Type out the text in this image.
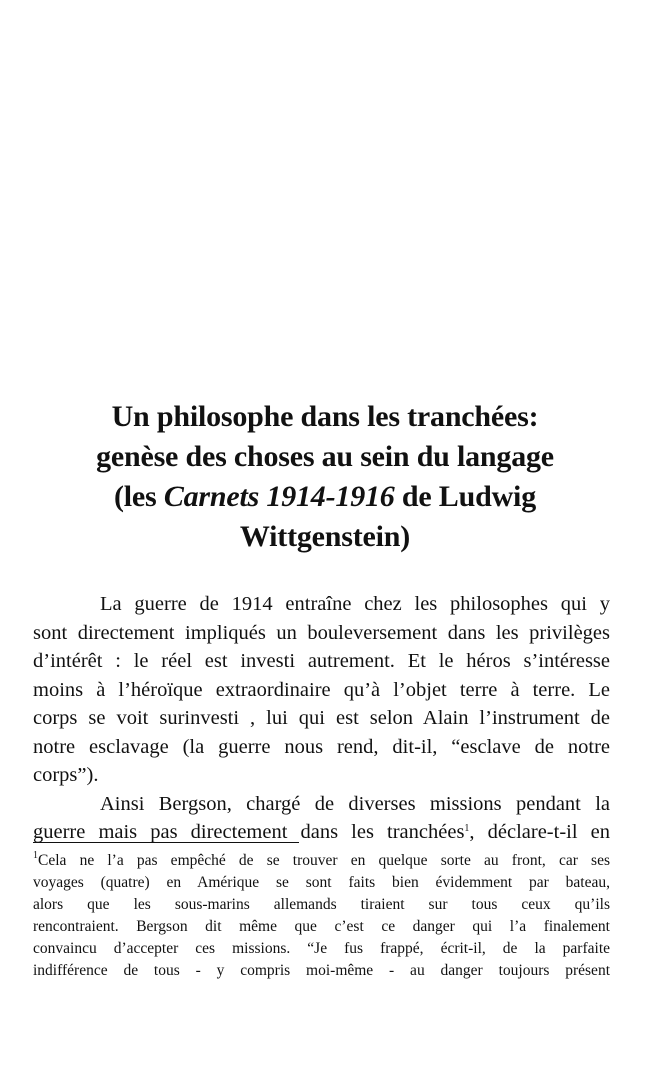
Un philosophe dans les tranchées:
genèse des choses au sein du langage
(les Carnets 1914-1916 de Ludwig
Wittgenstein)
La guerre de 1914 entraîne chez les philosophes qui y
sont directement impliqués un bouleversement dans les privilèges
d’intérêt : le réel est investi autrement. Et le héros s’intéresse
moins à l’héroïque extraordinaire qu’à l’objet terre à terre. Le
corps se voit surinvesti , lui qui est selon Alain l’instrument de
notre esclavage (la guerre nous rend, dit-il, “esclave de notre
corps”).
Ainsi Bergson, chargé de diverses missions pendant la
guerre mais pas directement dans les tranchées$^1$, déclare-t-il en
$^1$Cela ne l’a pas empêché de se trouver en quelque sorte au front, car ses
voyages (quatre) en Amérique se sont faits bien évidemment par bateau,
alors que les sous-marins allemands tiraient sur tous ceux qu’ils
rencontraient. Bergson dit même que c’est ce danger qui l’a finalement
convaincu d’accepter ces missions. “Je fus frappé, écrit-il, de la parfaite
indifférence de tous - y compris moi-même - au danger toujours présent
